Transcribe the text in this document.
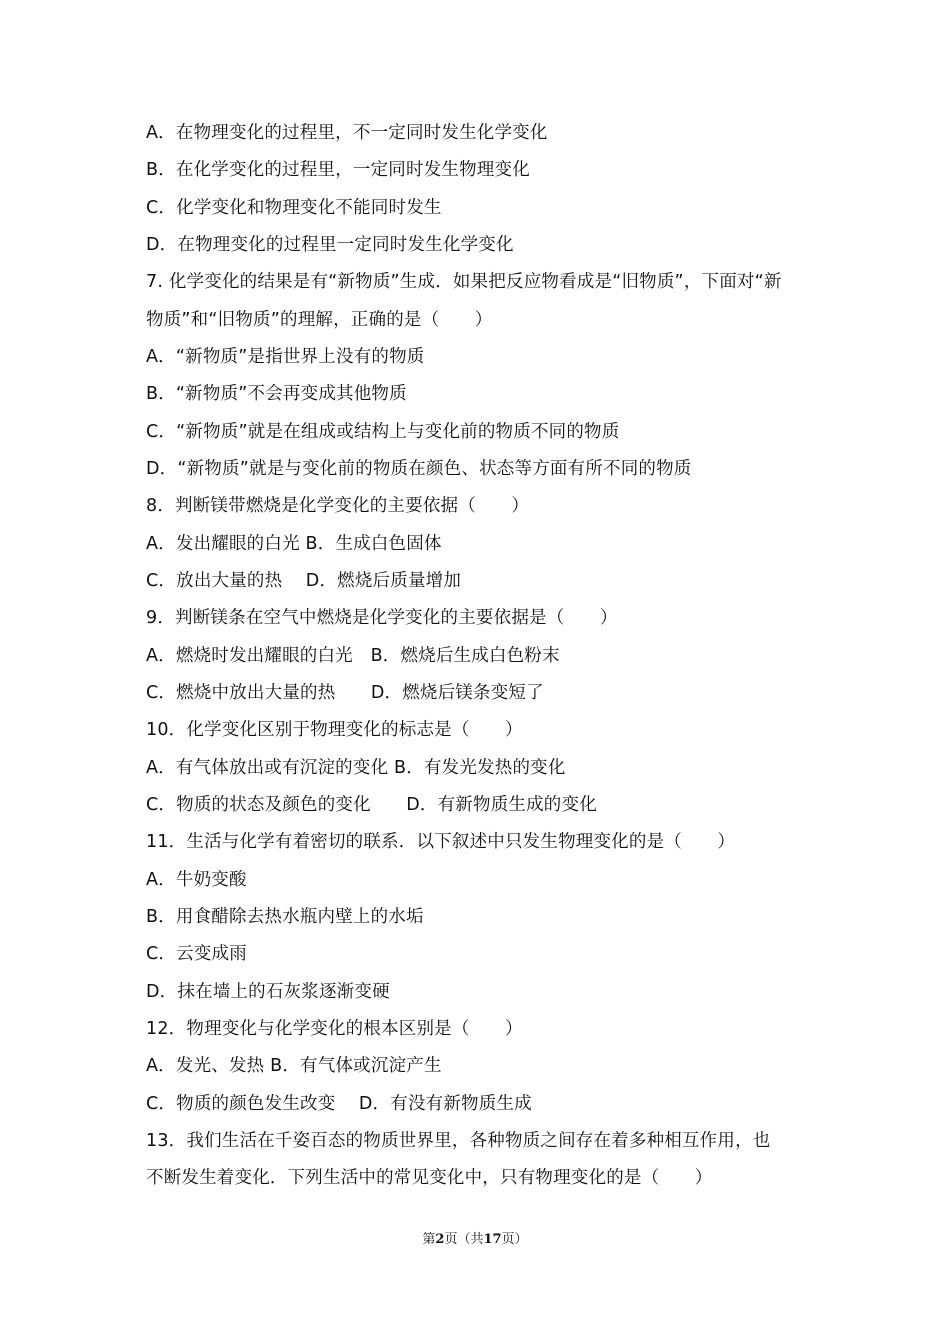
A．在物理变化的过程里，不一定同时发生化学变化
B．在化学变化的过程里，一定同时发生物理变化
C．化学变化和物理变化不能同时发生
D．在物理变化的过程里一定同时发生化学变化
7. 化学变化的结果是有“新物质”生成．如果把反应物看成是“旧物质”，下面对“新
物质”和“旧物质”的理解，正确的是（　　）
A．“新物质”是指世界上没有的物质
B．“新物质”不会再变成其他物质
C．“新物质”就是在组成或结构上与变化前的物质不同的物质
D．“新物质”就是与变化前的物质在颜色、状态等方面有所不同的物质
8．判断镁带燃烧是化学变化的主要依据（　　）
A．发出耀眼的白光 B．生成白色固体
C．放出大量的热　 D．燃烧后质量增加
9．判断镁条在空气中燃烧是化学变化的主要依据是（　　）
A．燃烧时发出耀眼的白光　B．燃烧后生成白色粉末
C．燃烧中放出大量的热　　D．燃烧后镁条变短了
10．化学变化区别于物理变化的标志是（　　）
A．有气体放出或有沉淀的变化 B．有发光发热的变化
C．物质的状态及颜色的变化　　D．有新物质生成的变化
11．生活与化学有着密切的联系．以下叙述中只发生物理变化的是（　　）
A．牛奶变酸
B．用食醋除去热水瓶内壁上的水垢
C．云变成雨
D．抹在墙上的石灰浆逐渐变硬
12．物理变化与化学变化的根本区别是（　　）
A．发光、发热 B．有气体或沉淀产生
C．物质的颜色发生改变　 D．有没有新物质生成
13．我们生活在千姿百态的物质世界里，各种物质之间存在着多种相互作用，也
不断发生着变化．下列生活中的常见变化中，只有物理变化的是（　　）
第2页（共17页）
